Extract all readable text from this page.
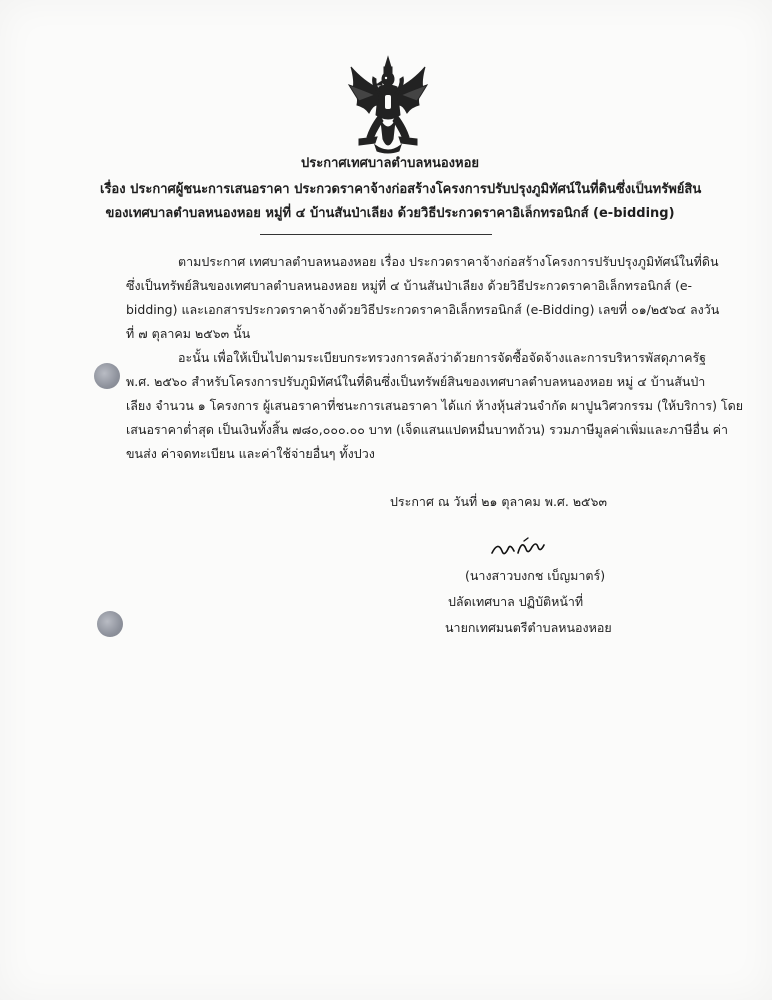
ประกาศเทศบาลตำบลหนองหอย
เรื่อง ประกาศผู้ชนะการเสนอราคา ประกวดราคาจ้างก่อสร้างโครงการปรับปรุงภูมิทัศน์ในที่ดินซึ่งเป็นทรัพย์สิน
ของเทศบาลตำบลหนองหอย หมู่ที่ ๔ บ้านสันป่าเลียง ด้วยวิธีประกวดราคาอิเล็กทรอนิกส์ (e-bidding)
ตามประกาศ เทศบาลตำบลหนองหอย เรื่อง ประกวดราคาจ้างก่อสร้างโครงการปรับปรุงภูมิทัศน์ในที่ดิน
ซึ่งเป็นทรัพย์สินของเทศบาลตำบลหนองหอย หมู่ที่ ๔ บ้านสันป่าเลียง ด้วยวิธีประกวดราคาอิเล็กทรอนิกส์ (e-
bidding) และเอกสารประกวดราคาจ้างด้วยวิธีประกวดราคาอิเล็กทรอนิกส์ (e-Bidding) เลขที่ ๐๑/๒๕๖๔ ลงวัน
ที่ ๗ ตุลาคม ๒๕๖๓ นั้น
อะนั้น เพื่อให้เป็นไปตามระเบียบกระทรวงการคลังว่าด้วยการจัดซื้อจัดจ้างและการบริหารพัสดุภาครัฐ
พ.ศ. ๒๕๖๐ สำหรับโครงการปรับภูมิทัศน์ในที่ดินซึ่งเป็นทรัพย์สินของเทศบาลตำบลหนองหอย หมู่ ๔ บ้านสันป่า
เลียง จำนวน ๑ โครงการ ผู้เสนอราคาที่ชนะการเสนอราคา ได้แก่ ห้างหุ้นส่วนจำกัด ผาปูนวิศวกรรม (ให้บริการ) โดย
เสนอราคาต่ำสุด เป็นเงินทั้งสิ้น ๗๘๐,๐๐๐.๐๐ บาท (เจ็ดแสนแปดหมื่นบาทถ้วน) รวมภาษีมูลค่าเพิ่มและภาษีอื่น ค่า
ขนส่ง ค่าจดทะเบียน และค่าใช้จ่ายอื่นๆ ทั้งปวง
ประกาศ ณ วันที่ ๒๑ ตุลาคม พ.ศ. ๒๕๖๓
(นางสาวบงกช เบ็ญมาตร์)
ปลัดเทศบาล ปฏิบัติหน้าที่
นายกเทศมนตรีตำบลหนองหอย
